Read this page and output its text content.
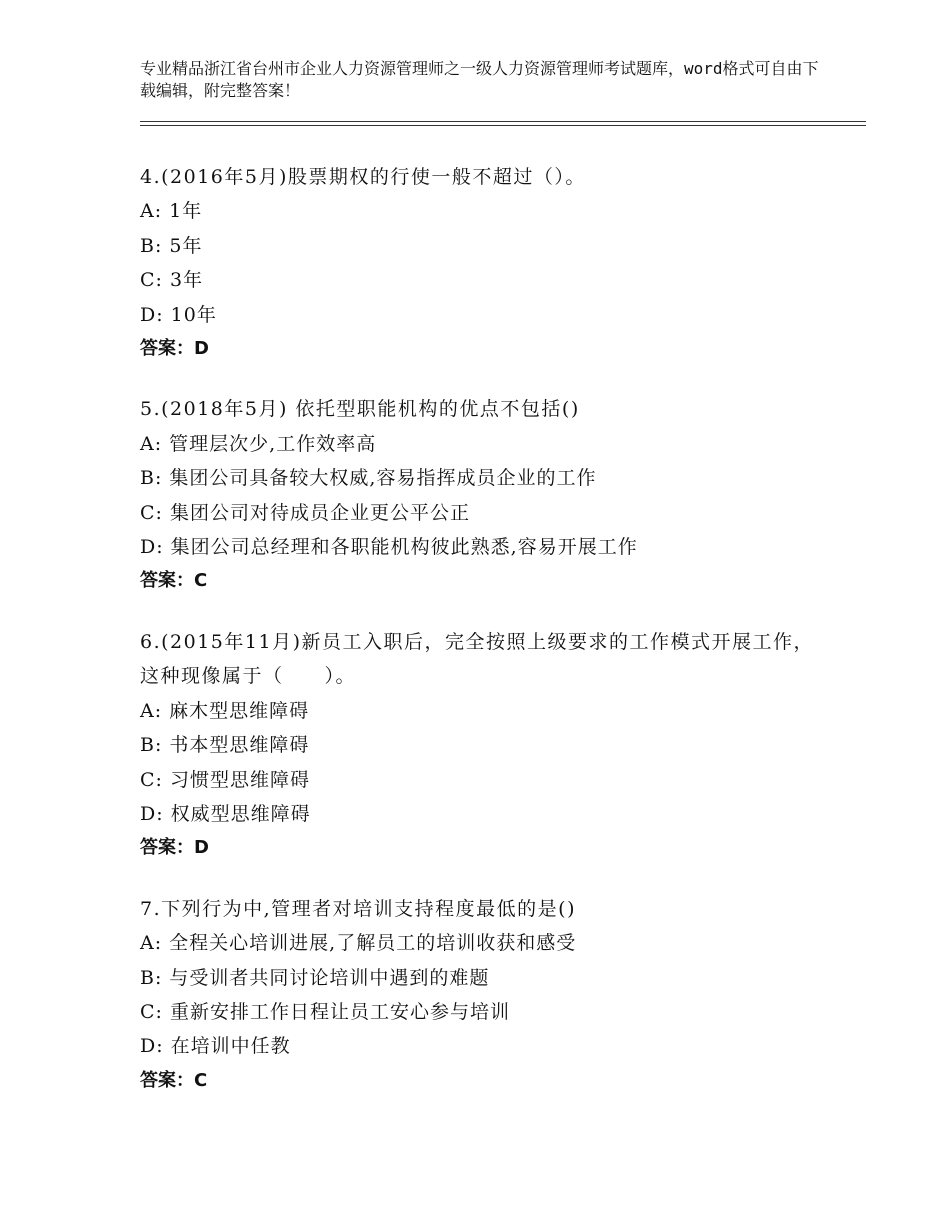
专业精品浙江省台州市企业人力资源管理师之一级人力资源管理师考试题库，word格式可自由下载编辑，附完整答案！
4.(2016年5月)股票期权的行使一般不超过（）。
A: 1年
B: 5年
C: 3年
D: 10年
答案：D
5.(2018年5月) 依托型职能机构的优点不包括()
A: 管理层次少,工作效率高
B: 集团公司具备较大权威,容易指挥成员企业的工作
C: 集团公司对待成员企业更公平公正
D: 集团公司总经理和各职能机构彼此熟悉,容易开展工作
答案：C
6.(2015年11月)新员工入职后，完全按照上级要求的工作模式开展工作，这种现像属于（　　）。
A: 麻木型思维障碍
B: 书本型思维障碍
C: 习惯型思维障碍
D: 权威型思维障碍
答案：D
7.下列行为中,管理者对培训支持程度最低的是()
A: 全程关心培训进展,了解员工的培训收获和感受
B: 与受训者共同讨论培训中遇到的难题
C: 重新安排工作日程让员工安心参与培训
D: 在培训中任教
答案：C
